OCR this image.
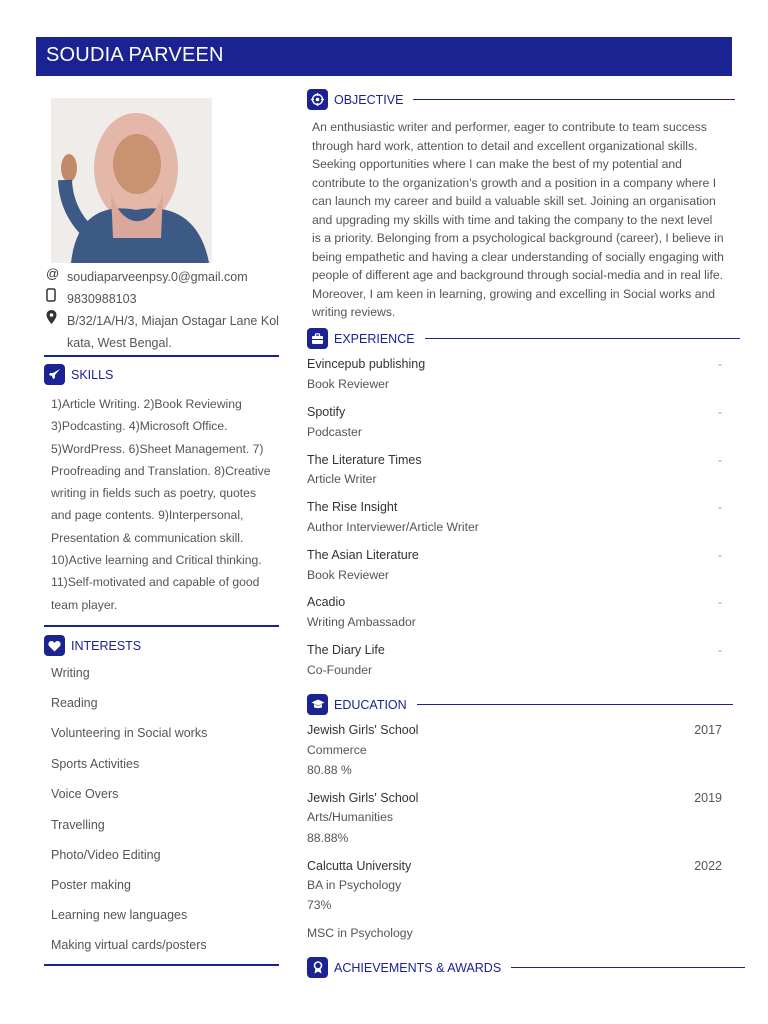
SOUDIA PARVEEN
@ soudiaparveenpsy.0@gmail.com
9830988103
B/32/1A/H/3, Miajan Ostagar Lane Kol
kata, West Bengal.
SKILLS
1)Article Writing. 2)Book Reviewing 3)Podcasting. 4)Microsoft Office. 5)WordPress. 6)Sheet Management. 7) Proofreading and Translation. 8)Creative writing in fields such as poetry, quotes and page contents. 9)Interpersonal, Presentation & communication skill. 10)Active learning and Critical thinking. 11)Self-motivated and capable of good team player.
INTERESTS
Writing
Reading
Volunteering in Social works
Sports Activities
Voice Overs
Travelling
Photo/Video Editing
Poster making
Learning new languages
Making virtual cards/posters
OBJECTIVE
An enthusiastic writer and performer, eager to contribute to team success through hard work, attention to detail and excellent organizational skills. Seeking opportunities where I can make the best of my potential and contribute to the organization's growth and a position in a company where I can launch my career and build a valuable skill set. Joining an organisation and upgrading my skills with time and taking the company to the next level is a priority. Belonging from a psychological background (career), I believe in being empathetic and having a clear understanding of socially engaging with people of different age and background through social-media and in real life. Moreover, I am keen in learning, growing and excelling in Social works and writing reviews.
EXPERIENCE
Evincepub publishing	-
Book Reviewer
Spotify	-
Podcaster
The Literature Times	-
Article Writer
The Rise Insight	-
Author Interviewer/Article Writer
The Asian Literature	-
Book Reviewer
Acadio	-
Writing Ambassador
The Diary Life	-
Co-Founder
EDUCATION
Jewish Girls' School	2017
Commerce
80.88 %
Jewish Girls' School	2019
Arts/Humanities
88.88%
Calcutta University	2022
BA in Psychology
73%
MSC in Psychology
ACHIEVEMENTS & AWARDS
